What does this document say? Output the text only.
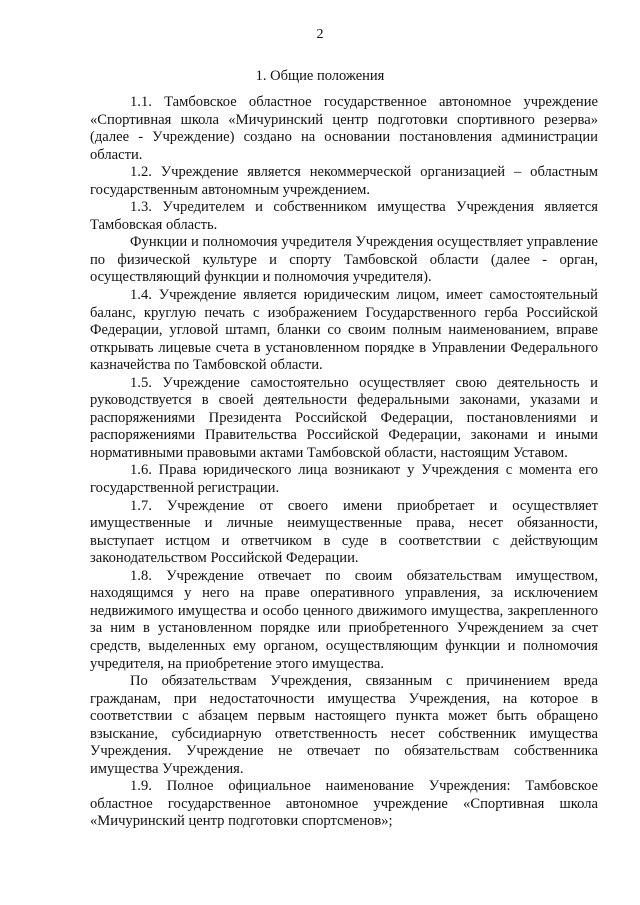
2
1. Общие положения

1.1. Тамбовское областное государственное автономное учреждение «Спортивная школа «Мичуринский центр подготовки спортивного резерва» (далее - Учреждение) создано на основании постановления администрации области.

1.2. Учреждение является некоммерческой организацией – областным государственным автономным учреждением.

1.3. Учредителем и собственником имущества Учреждения является Тамбовская область.

Функции и полномочия учредителя Учреждения осуществляет управление по физической культуре и спорту Тамбовской области (далее - орган, осуществляющий функции и полномочия учредителя).

1.4. Учреждение является юридическим лицом, имеет самостоятельный баланс, круглую печать с изображением Государственного герба Российской Федерации, угловой штамп, бланки со своим полным наименованием, вправе открывать лицевые счета в установленном порядке в Управлении Федерального казначейства по Тамбовской области.

1.5. Учреждение самостоятельно осуществляет свою деятельность и руководствуется в своей деятельности федеральными законами, указами и распоряжениями Президента Российской Федерации, постановлениями и распоряжениями Правительства Российской Федерации, законами и иными нормативными правовыми актами Тамбовской области, настоящим Уставом.

1.6. Права юридического лица возникают у Учреждения с момента его государственной регистрации.

1.7. Учреждение от своего имени приобретает и осуществляет имущественные и личные неимущественные права, несет обязанности, выступает истцом и ответчиком в суде в соответствии с действующим законодательством Российской Федерации.

1.8. Учреждение отвечает по своим обязательствам имуществом, находящимся у него на праве оперативного управления, за исключением недвижимого имущества и особо ценного движимого имущества, закрепленного за ним в установленном порядке или приобретенного Учреждением за счет средств, выделенных ему органом, осуществляющим функции и полномочия учредителя, на приобретение этого имущества.

По обязательствам Учреждения, связанным с причинением вреда гражданам, при недостаточности имущества Учреждения, на которое в соответствии с абзацем первым настоящего пункта может быть обращено взыскание, субсидиарную ответственность несет собственник имущества Учреждения. Учреждение не отвечает по обязательствам собственника имущества Учреждения.

1.9. Полное официальное наименование Учреждения: Тамбовское областное государственное автономное учреждение «Спортивная школа «Мичуринский центр подготовки спортсменов»;
